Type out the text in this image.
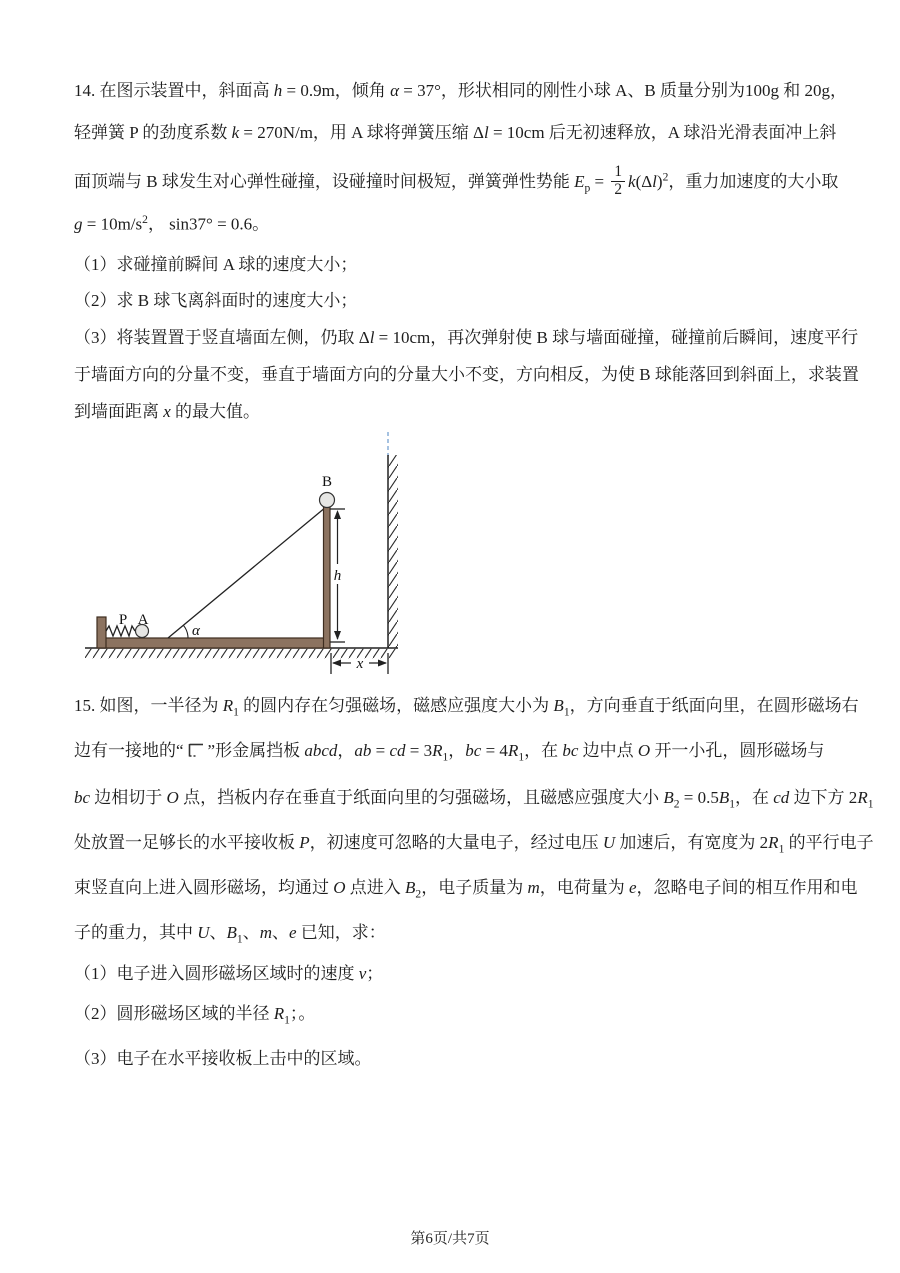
14. 在图示装置中，斜面高 h = 0.9m，倾角 α = 37°，形状相同的刚性小球 A、B 质量分别为100g 和 20g，
轻弹簧 P 的劲度系数 k = 270N/m，用 A 球将弹簧压缩 Δl = 10cm 后无初速释放，A 球沿光滑表面冲上斜
面顶端与 B 球发生对心弹性碰撞，设碰撞时间极短，弹簧弹性势能 $E_p = \frac{1}{2} k(\Delta l)^2$，重力加速度的大小取
$g = 10m/s^2$， sin37° = 0.6。
（1）求碰撞前瞬间 A 球的速度大小；
（2）求 B 球飞离斜面时的速度大小；
（3）将装置置于竖直墙面左侧，仍取 Δl = 10cm，再次弹射使 B 球与墙面碰撞，碰撞前后瞬间，速度平行
于墙面方向的分量不变，垂直于墙面方向的分量大小不变，方向相反，为使 B 球能落回到斜面上，求装置
到墙面距离 x 的最大值。
h
x
P A
B
α
15. 如图，一半径为 $R_1$ 的圆内存在匀强磁场，磁感应强度大小为 $B_1$，方向垂直于纸面向里，在圆形磁场右
边有一接地的“ ”形金属挡板 abcd，ab = cd = $3R_1$，bc = $4R_1$，在 bc 边中点 O 开一小孔，圆形磁场与
bc 边相切于 O 点，挡板内存在垂直于纸面向里的匀强磁场，且磁感应强度大小 $B_2 = 0.5B_1$，在 cd 边下方 $2R_1$
处放置一足够长的水平接收板 P，初速度可忽略的大量电子，经过电压 U 加速后，有宽度为 $2R_1$ 的平行电子
束竖直向上进入圆形磁场，均通过 O 点进入 $B_2$，电子质量为 m，电荷量为 e，忽略电子间的相互作用和电
子的重力，其中 U、$B_1$、m、e 已知，求：
（1）电子进入圆形磁场区域时的速度 v；
（2）圆形磁场区域的半径 $R_1$；。
（3）电子在水平接收板上击中的区域。
第6页/共7页
